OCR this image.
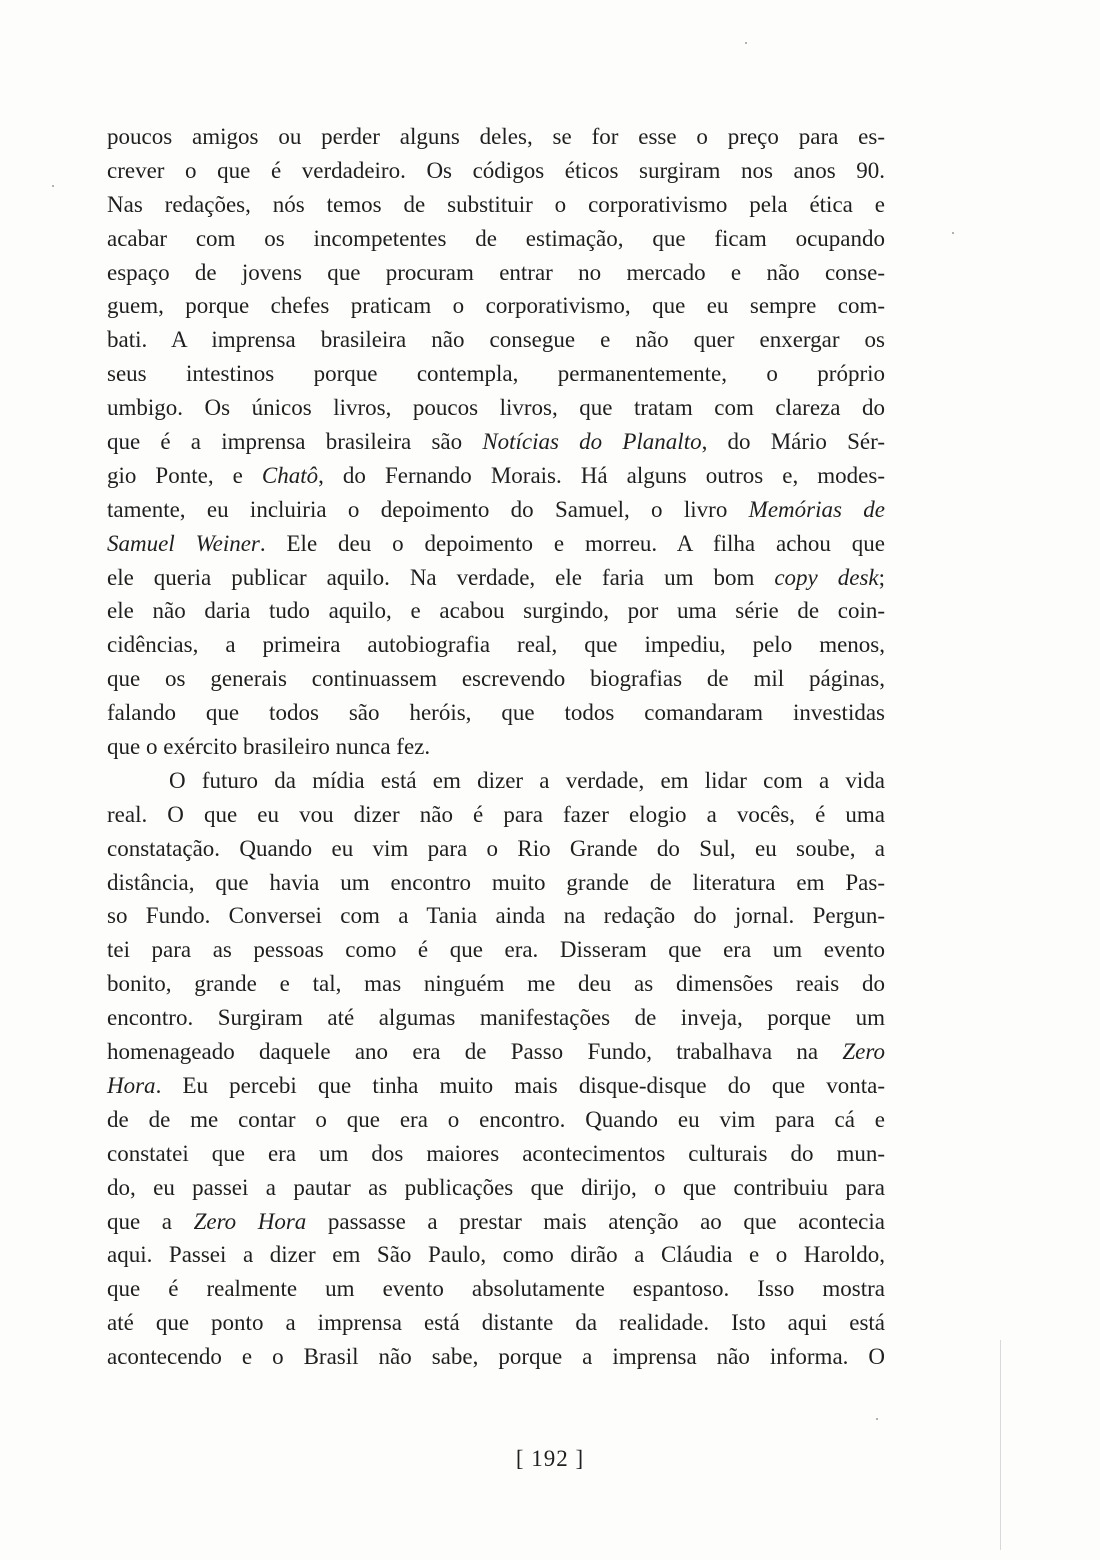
poucos amigos ou perder alguns deles, se for esse o preço para es-
crever o que é verdadeiro. Os códigos éticos surgiram nos anos 90.
Nas redações, nós temos de substituir o corporativismo pela ética e
acabar com os incompetentes de estimação, que ficam ocupando
espaço de jovens que procuram entrar no mercado e não conse-
guem, porque chefes praticam o corporativismo, que eu sempre com-
bati. A imprensa brasileira não consegue e não quer enxergar os
seus intestinos porque contempla, permanentemente, o próprio
umbigo. Os únicos livros, poucos livros, que tratam com clareza do
que é a imprensa brasileira são Notícias do Planalto, do Mário Sér-
gio Ponte, e Chatô, do Fernando Morais. Há alguns outros e, modes-
tamente, eu incluiria o depoimento do Samuel, o livro Memórias de
Samuel Weiner. Ele deu o depoimento e morreu. A filha achou que
ele queria publicar aquilo. Na verdade, ele faria um bom copy desk;
ele não daria tudo aquilo, e acabou surgindo, por uma série de coin-
cidências, a primeira autobiografia real, que impediu, pelo menos,
que os generais continuassem escrevendo biografias de mil páginas,
falando que todos são heróis, que todos comandaram investidas
que o exército brasileiro nunca fez.
O futuro da mídia está em dizer a verdade, em lidar com a vida
real. O que eu vou dizer não é para fazer elogio a vocês, é uma
constatação. Quando eu vim para o Rio Grande do Sul, eu soube, a
distância, que havia um encontro muito grande de literatura em Pas-
so Fundo. Conversei com a Tania ainda na redação do jornal. Pergun-
tei para as pessoas como é que era. Disseram que era um evento
bonito, grande e tal, mas ninguém me deu as dimensões reais do
encontro. Surgiram até algumas manifestações de inveja, porque um
homenageado daquele ano era de Passo Fundo, trabalhava na Zero
Hora. Eu percebi que tinha muito mais disque-disque do que vonta-
de de me contar o que era o encontro. Quando eu vim para cá e
constatei que era um dos maiores acontecimentos culturais do mun-
do, eu passei a pautar as publicações que dirijo, o que contribuiu para
que a Zero Hora passasse a prestar mais atenção ao que acontecia
aqui. Passei a dizer em São Paulo, como dirão a Cláudia e o Haroldo,
que é realmente um evento absolutamente espantoso. Isso mostra
até que ponto a imprensa está distante da realidade. Isto aqui está
acontecendo e o Brasil não sabe, porque a imprensa não informa. O
[ 192 ]
